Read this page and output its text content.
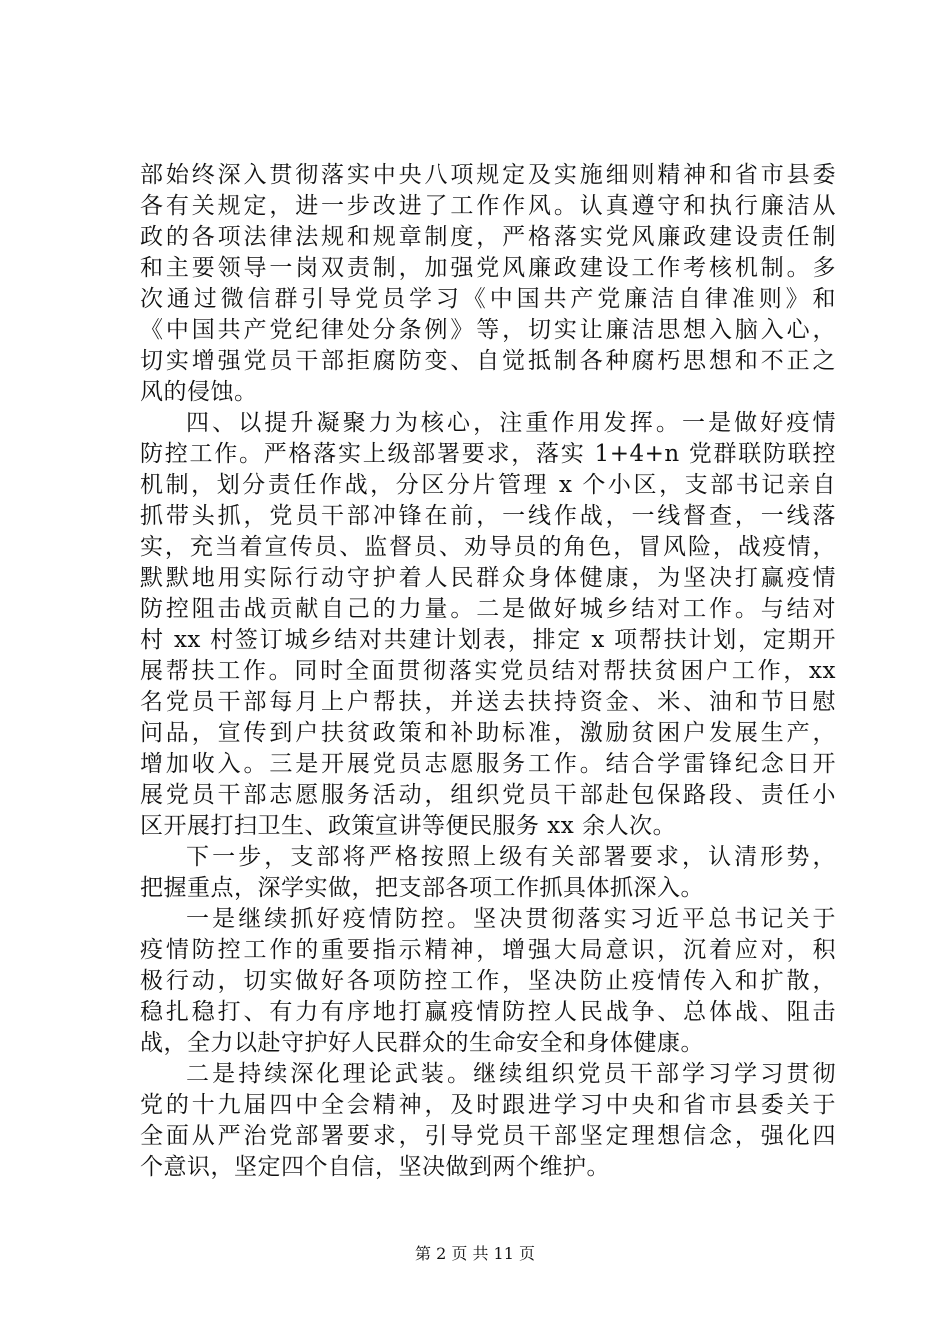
部始终深入贯彻落实中央八项规定及实施细则精神和省市县委
各有关规定，进一步改进了工作作风。认真遵守和执行廉洁从
政的各项法律法规和规章制度，严格落实党风廉政建设责任制
和主要领导一岗双责制，加强党风廉政建设工作考核机制。多
次通过微信群引导党员学习《中国共产党廉洁自律准则》和
《中国共产党纪律处分条例》等，切实让廉洁思想入脑入心，
切实增强党员干部拒腐防变、自觉抵制各种腐朽思想和不正之
风的侵蚀。
四、以提升凝聚力为核心，注重作用发挥。一是做好疫情
防控工作。严格落实上级部署要求，落实 1+4+n 党群联防联控
机制，划分责任作战，分区分片管理 x 个小区，支部书记亲自
抓带头抓，党员干部冲锋在前，一线作战，一线督查，一线落
实，充当着宣传员、监督员、劝导员的角色，冒风险，战疫情，
默默地用实际行动守护着人民群众身体健康，为坚决打赢疫情
防控阻击战贡献自己的力量。二是做好城乡结对工作。与结对
村 xx 村签订城乡结对共建计划表，排定 x 项帮扶计划，定期开
展帮扶工作。同时全面贯彻落实党员结对帮扶贫困户工作，xx
名党员干部每月上户帮扶，并送去扶持资金、米、油和节日慰
问品，宣传到户扶贫政策和补助标准，激励贫困户发展生产，
增加收入。三是开展党员志愿服务工作。结合学雷锋纪念日开
展党员干部志愿服务活动，组织党员干部赴包保路段、责任小
区开展打扫卫生、政策宣讲等便民服务 xx 余人次。
下一步，支部将严格按照上级有关部署要求，认清形势，
把握重点，深学实做，把支部各项工作抓具体抓深入。
一是继续抓好疫情防控。坚决贯彻落实习近平总书记关于
疫情防控工作的重要指示精神，增强大局意识，沉着应对，积
极行动，切实做好各项防控工作，坚决防止疫情传入和扩散，
稳扎稳打、有力有序地打赢疫情防控人民战争、总体战、阻击
战，全力以赴守护好人民群众的生命安全和身体健康。
二是持续深化理论武装。继续组织党员干部学习学习贯彻
党的十九届四中全会精神，及时跟进学习中央和省市县委关于
全面从严治党部署要求，引导党员干部坚定理想信念，强化四
个意识，坚定四个自信，坚决做到两个维护。
第 2 页 共 11 页
